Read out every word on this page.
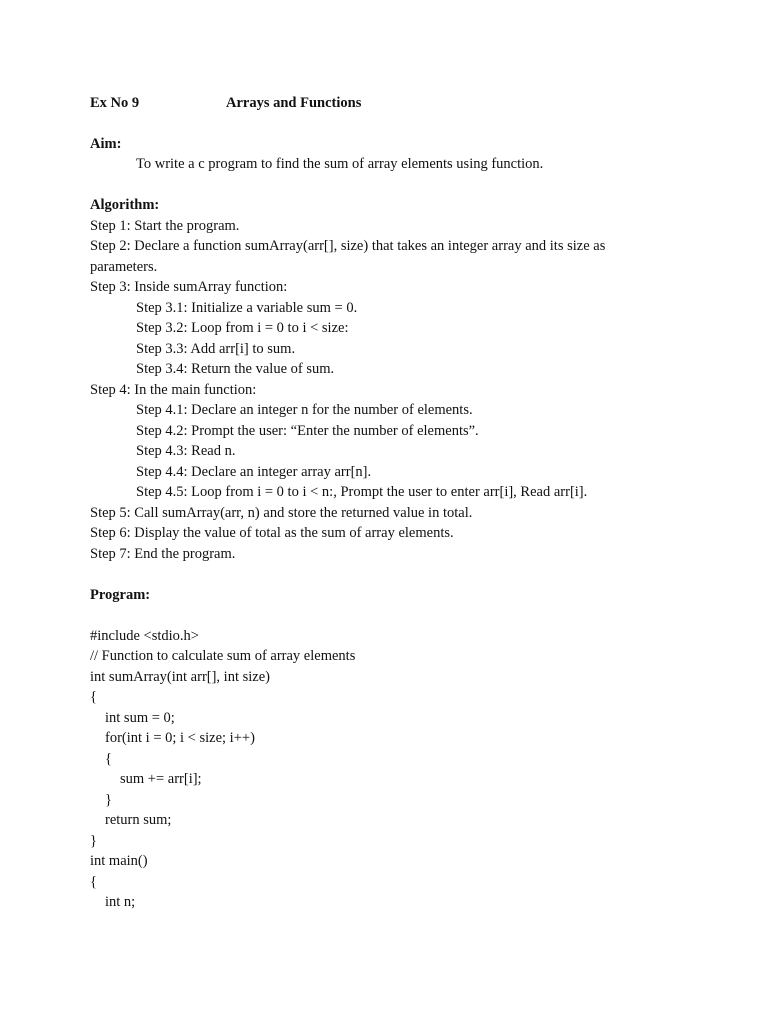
Ex No 9	Arrays and Functions
Aim:
To write a c program to find the sum of array elements using function.
Algorithm:
Step 1: Start the program.
Step 2: Declare a function sumArray(arr[], size) that takes an integer array and its size as
parameters.
Step 3: Inside sumArray function:
Step 3.1: Initialize a variable sum = 0.
Step 3.2: Loop from i = 0 to i < size:
Step 3.3: Add arr[i] to sum.
Step 3.4: Return the value of sum.
Step 4: In the main function:
Step 4.1: Declare an integer n for the number of elements.
Step 4.2: Prompt the user: “Enter the number of elements”.
Step 4.3: Read n.
Step 4.4: Declare an integer array arr[n].
Step 4.5: Loop from i = 0 to i < n:, Prompt the user to enter arr[i], Read arr[i].
Step 5: Call sumArray(arr, n) and store the returned value in total.
Step 6: Display the value of total as the sum of array elements.
Step 7: End the program.
Program:
#include <stdio.h>
// Function to calculate sum of array elements
int sumArray(int arr[], int size)
{
int sum = 0;
for(int i = 0; i < size; i++)
{
sum += arr[i];
}
return sum;
}
int main()
{
int n;
